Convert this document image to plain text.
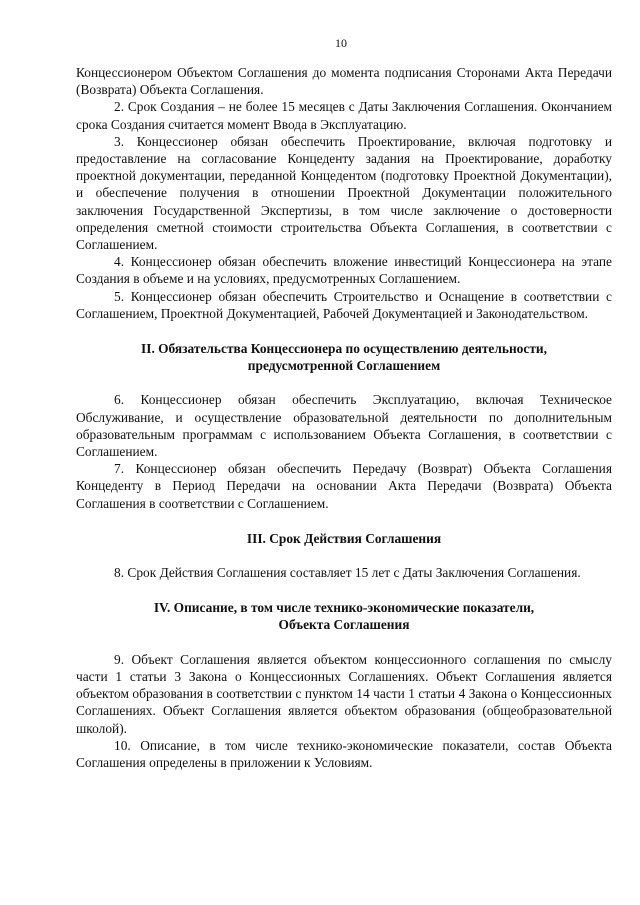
10

Концессионером Объектом Соглашения до момента подписания Сторонами Акта Передачи (Возврата) Объекта Соглашения.

2. Срок Создания – не более 15 месяцев с Даты Заключения Соглашения. Окончанием срока Создания считается момент Ввода в Эксплуатацию.

3. Концессионер обязан обеспечить Проектирование, включая подготовку и предоставление на согласование Концеденту задания на Проектирование, доработку проектной документации, переданной Концедентом (подготовку Проектной Документации), и обеспечение получения в отношении Проектной Документации положительного заключения Государственной Экспертизы, в том числе заключение о достоверности определения сметной стоимости строительства Объекта Соглашения, в соответствии с Соглашением.

4. Концессионер обязан обеспечить вложение инвестиций Концессионера на этапе Создания в объеме и на условиях, предусмотренных Соглашением.

5. Концессионер обязан обеспечить Строительство и Оснащение в соответствии с Соглашением, Проектной Документацией, Рабочей Документацией и Законодательством.

II. Обязательства Концессионера по осуществлению деятельности,
предусмотренной Соглашением

6. Концессионер обязан обеспечить Эксплуатацию, включая Техническое Обслуживание, и осуществление образовательной деятельности по дополнительным образовательным программам с использованием Объекта Соглашения, в соответствии с Соглашением.

7. Концессионер обязан обеспечить Передачу (Возврат) Объекта Соглашения Концеденту в Период Передачи на основании Акта Передачи (Возврата) Объекта Соглашения в соответствии с Соглашением.

III. Срок Действия Соглашения

8. Срок Действия Соглашения составляет 15 лет с Даты Заключения Соглашения.

IV. Описание, в том числе технико-экономические показатели,
Объекта Соглашения

9. Объект Соглашения является объектом концессионного соглашения по смыслу части 1 статьи 3 Закона о Концессионных Соглашениях. Объект Соглашения является объектом образования в соответствии с пунктом 14 части 1 статьи 4 Закона о Концессионных Соглашениях. Объект Соглашения является объектом образования (общеобразовательной школой).

10. Описание, в том числе технико-экономические показатели, состав Объекта Соглашения определены в приложении к Условиям.
